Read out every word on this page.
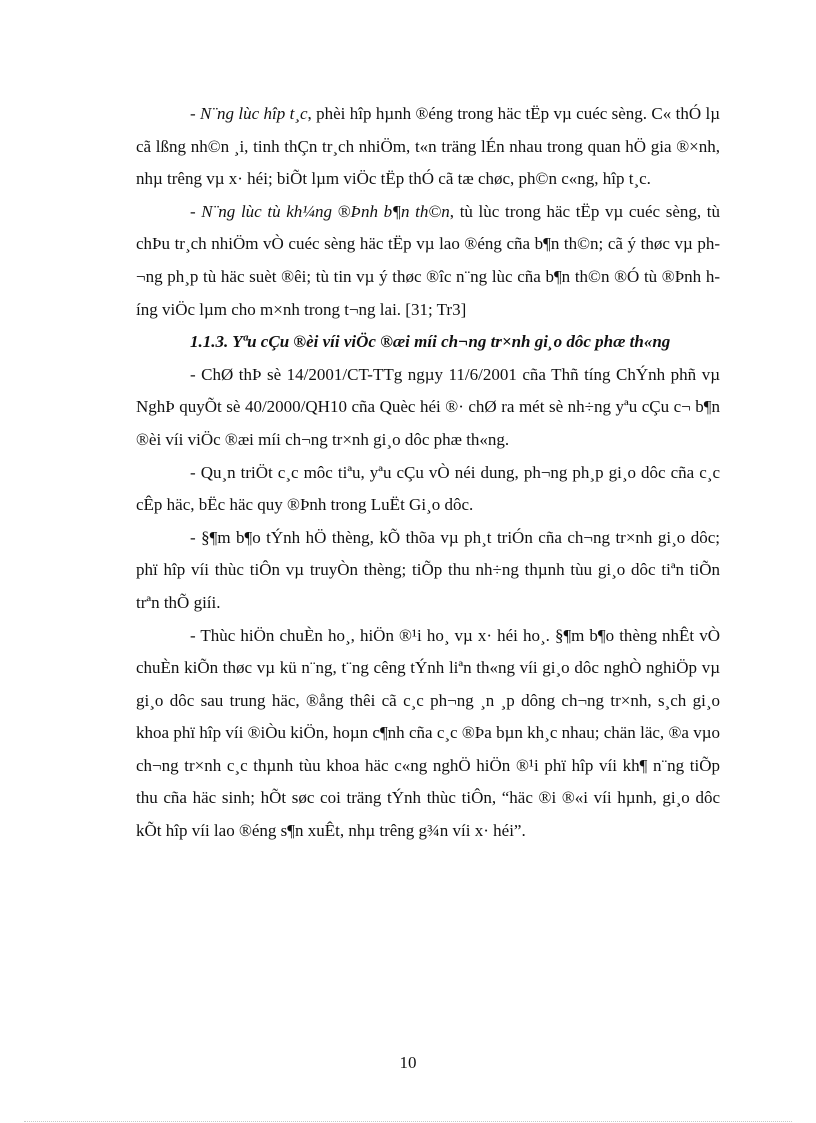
- N¨ng lùc hîp t¸c, phèi hîp hµnh ®éng trong häc tËp vµ cuéc sèng. C« thÓ lµ cã lßng nh©n ¸i, tinh thÇn tr¸ch nhiÖm, t«n träng lÉn nhau trong quan hÖ gia ®×nh, nhµ trêng vµ x· héi; biÕt lµm viÖc tËp thÓ cã tæ chøc, ph©n c«ng, hîp t¸c.

- N¨ng lùc tù kh¼ng ®Þnh b¶n th©n, tù lùc trong häc tËp vµ cuéc sèng, tù chÞu tr¸ch nhiÖm vÒ cuéc sèng häc tËp vµ lao ®éng cña b¶n th©n; cã ý thøc vµ ph¬ng ph¸p tù häc suèt ®êi; tù tin vµ ý thøc ®îc n¨ng lùc cña b¶n th©n ®Ó tù ®Þnh híng viÖc lµm cho m×nh trong t¬ng lai. [31; Tr3]

1.1.3. Yªu cÇu ®èi víi viÖc ®æi míi ch¬ng tr×nh gi¸o dôc phæ th«ng

- ChØ thÞ sè 14/2001/CT-TTg ngµy 11/6/2001 cña Thñ tíng ChÝnh phñ vµ NghÞ quyÕt sè 40/2000/QH10 cña Quèc héi ®· chØ ra mét sè nh÷ng yªu cÇu c¬ b¶n ®èi víi viÖc ®æi míi ch¬ng tr×nh gi¸o dôc phæ th«ng.

- Qu¸n triÖt c¸c môc tiªu, yªu cÇu vÒ néi dung, ph¬ng ph¸p gi¸o dôc cña c¸c cÊp häc, bËc häc quy ®Þnh trong LuËt Gi¸o dôc.

- §¶m b¶o tÝnh hÖ thèng, kÕ thõa vµ ph¸t triÓn cña ch¬ng tr×nh gi¸o dôc; phï hîp víi thùc tiÔn vµ truyÒn thèng; tiÕp thu nh÷ng thµnh tùu gi¸o dôc tiªn tiÕn trªn thÕ giíi.

- Thùc hiÖn chuÈn ho¸, hiÖn ®¹i ho¸ vµ x· héi ho¸. §¶m b¶o thèng nhÊt vÒ chuÈn kiÕn thøc vµ kü n¨ng, t¨ng cêng tÝnh liªn th«ng víi gi¸o dôc nghÒ nghiÖp vµ gi¸o dôc sau trung häc, ®ång thêi cã c¸c ph¬ng ¸n ¸p dông ch¬ng tr×nh, s¸ch gi¸o khoa phï hîp víi ®iÒu kiÖn, hoµn c¶nh cña c¸c ®Þa bµn kh¸c nhau; chän läc, ®a vµo ch¬ng tr×nh c¸c thµnh tùu khoa häc c«ng nghÖ hiÖn ®¹i phï hîp víi kh¶ n¨ng tiÕp thu cña häc sinh; hÕt søc coi träng tÝnh thùc tiÔn, “häc ®i ®«i víi hµnh, gi¸o dôc kÕt hîp víi lao ®éng s¶n xuÊt, nhµ trêng g¾n víi x· héi”.

10
